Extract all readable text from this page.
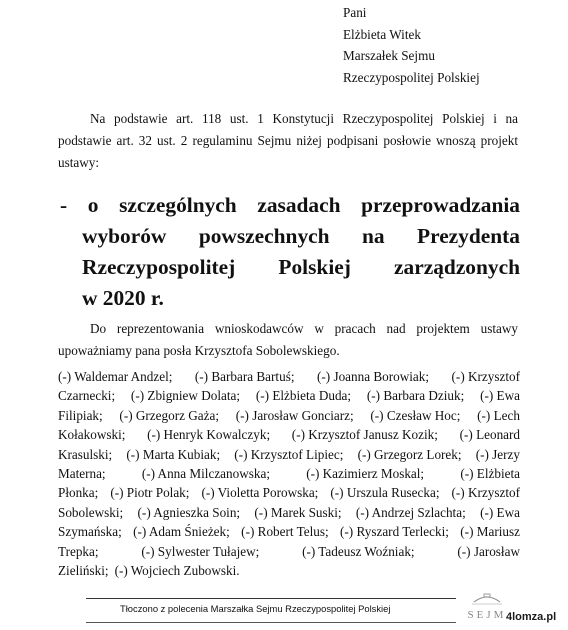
Pani
Elżbieta Witek
Marszałek Sejmu
Rzeczypospolitej Polskiej
Na podstawie art. 118 ust. 1 Konstytucji Rzeczypospolitej Polskiej i na podstawie art. 32 ust. 2 regulaminu Sejmu niżej podpisani posłowie wnoszą projekt ustawy:
- o szczególnych zasadach przeprowadzania
wyborów powszechnych na Prezydenta
Rzeczypospolitej Polskiej zarządzonych
w 2020 r.
Do reprezentowania wnioskodawców w pracach nad projektem ustawy upoważniamy pana posła Krzysztofa Sobolewskiego.
(-) Waldemar Andzel; (-) Barbara Bartuś; (-) Joanna Borowiak; (-) Krzysztof
Czarnecki; (-) Zbigniew Dolata; (-) Elżbieta Duda; (-) Barbara Dziuk; (-) Ewa
Filipiak; (-) Grzegorz Gaża; (-) Jarosław Gonciarz; (-) Czesław Hoc; (-) Lech
Kołakowski; (-) Henryk Kowalczyk; (-) Krzysztof Janusz Kozik; (-) Leonard
Krasulski; (-) Marta Kubiak; (-) Krzysztof Lipiec; (-) Grzegorz Lorek; (-) Jerzy
Materna;	(-) Anna Milczanowska;	(-) Kazimierz Moskal;	(-) Elżbieta
Płonka; (-) Piotr Polak; (-) Violetta Porowska; (-) Urszula Rusecka; (-) Krzysztof
Sobolewski; (-) Agnieszka Soin; (-) Marek Suski; (-) Andrzej Szlachta; (-) Ewa
Szymańska; (-) Adam Śnieżek; (-) Robert Telus; (-) Ryszard Terlecki; (-) Mariusz
Trepka;	(-) Sylwester Tułajew;	(-) Tadeusz Woźniak;	(-) Jarosław
Zieliński; (-) Wojciech Zubowski.
Tłoczono z polecenia Marszałka Sejmu Rzeczypospolitej Polskiej
SEJM 4lomza.pl
